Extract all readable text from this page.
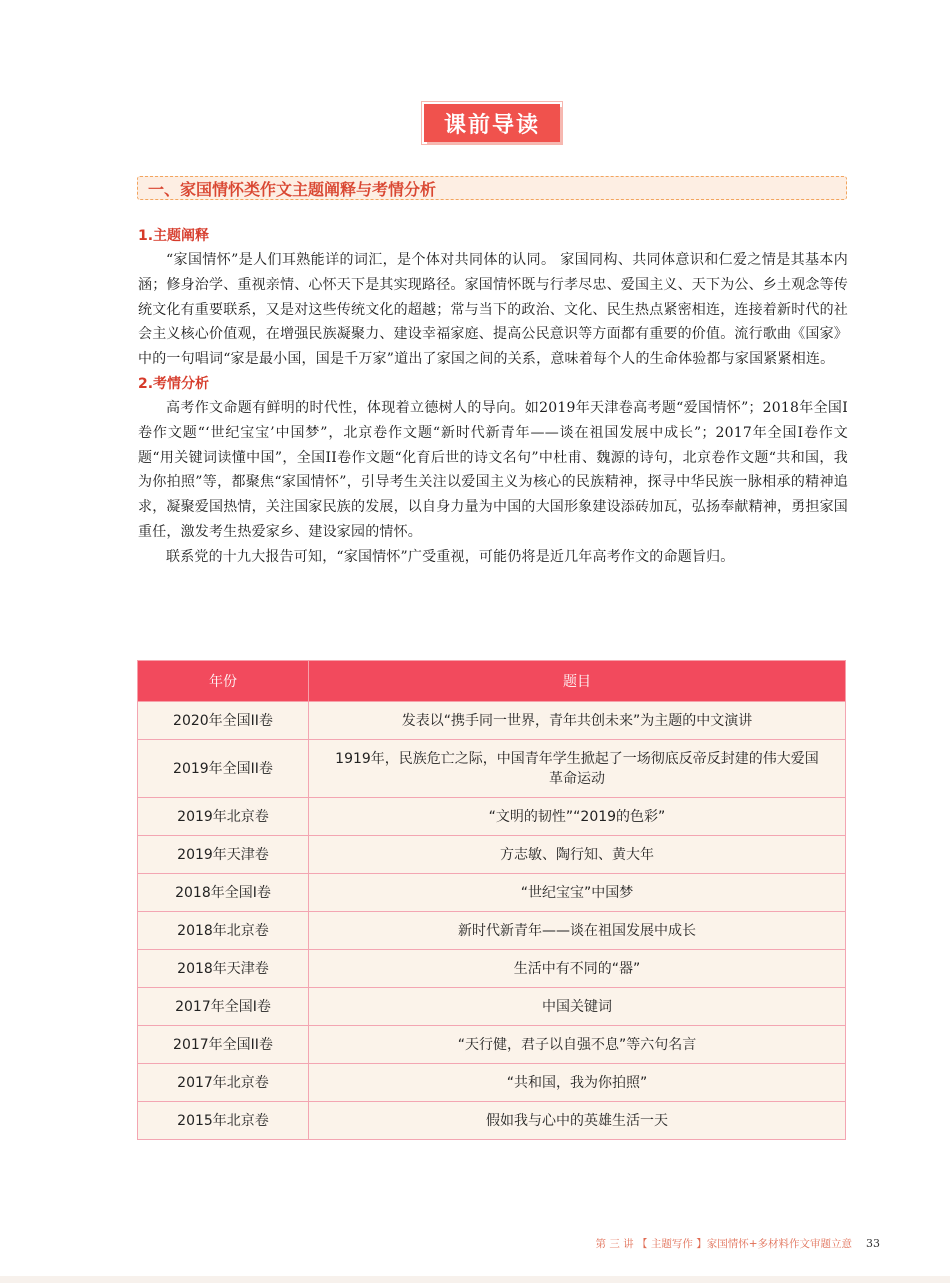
课前导读
一、家国情怀类作文主题阐释与考情分析
1.主题阐释

“家国情怀”是人们耳熟能详的词汇，是个体对共同体的认同。 家国同构、共同体意识和仁爱之情是其基本内涵；修身治学、重视亲情、心怀天下是其实现路径。家国情怀既与行孝尽忠、爱国主义、天下为公、乡土观念等传统文化有重要联系，又是对这些传统文化的超越；常与当下的政治、文化、民生热点紧密相连，连接着新时代的社会主义核心价值观，在增强民族凝聚力、建设幸福家庭、提高公民意识等方面都有重要的价值。流行歌曲《国家》中的一句唱词“家是最小国，国是千万家”道出了家国之间的关系，意味着每个人的生命体验都与家国紧紧相连。

2.考情分析

高考作文命题有鲜明的时代性，体现着立德树人的导向。如2019年天津卷高考题“爱国情怀”；2018年全国I卷作文题“‘世纪宝宝’中国梦”，北京卷作文题“新时代新青年——谈在祖国发展中成长”；2017年全国I卷作文题“用关键词读懂中国”，全国II卷作文题“化育后世的诗文名句”中杜甫、魏源的诗句，北京卷作文题“共和国，我为你拍照”等，都聚焦“家国情怀”，引导考生关注以爱国主义为核心的民族精神，探寻中华民族一脉相承的精神追求，凝聚爱国热情，关注国家民族的发展，以自身力量为中国的大国形象建设添砖加瓦，弘扬奉献精神，勇担家国重任，激发考生热爱家乡、建设家园的情怀。

联系党的十九大报告可知，“家国情怀”广受重视，可能仍将是近几年高考作文的命题旨归。

年份	题目
2020年全国II卷	发表以“携手同一世界，青年共创未来”为主题的中文演讲
2019年全国II卷	1919年，民族危亡之际，中国青年学生掀起了一场彻底反帝反封建的伟大爱国革命运动
2019年北京卷	“文明的韧性”“2019的色彩”
2019年天津卷	方志敏、陶行知、黄大年
2018年全国I卷	“世纪宝宝”中国梦
2018年北京卷	新时代新青年——谈在祖国发展中成长
2018年天津卷	生活中有不同的“器”
2017年全国I卷	中国关键词
2017年全国II卷	“天行健，君子以自强不息”等六句名言
2017年北京卷	“共和国，我为你拍照”
2015年北京卷	假如我与心中的英雄生活一天
第 三 讲 【 主题写作 】家国情怀+多材料作文审题立意 33
